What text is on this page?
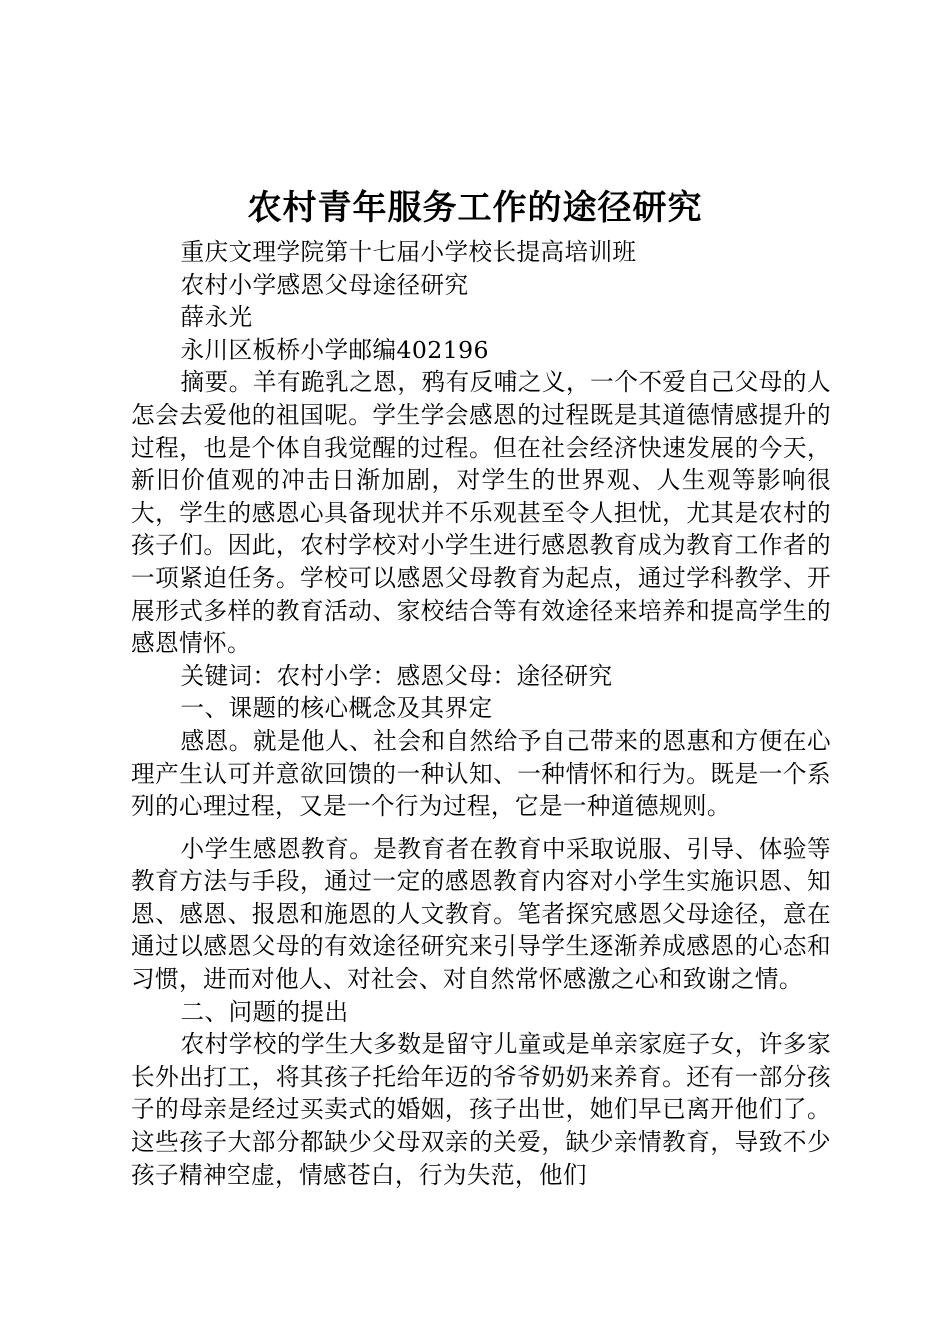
农村青年服务工作的途径研究

重庆文理学院第十七届小学校长提高培训班

农村小学感恩父母途径研究

薛永光

永川区板桥小学邮编402196

摘要。羊有跪乳之恩，鸦有反哺之义，一个不爱自己父母的人怎会去爱他的祖国呢。学生学会感恩的过程既是其道德情感提升的过程，也是个体自我觉醒的过程。但在社会经济快速发展的今天，新旧价值观的冲击日渐加剧，对学生的世界观、人生观等影响很大，学生的感恩心具备现状并不乐观甚至令人担忧，尤其是农村的孩子们。因此，农村学校对小学生进行感恩教育成为教育工作者的一项紧迫任务。学校可以感恩父母教育为起点，通过学科教学、开展形式多样的教育活动、家校结合等有效途径来培养和提高学生的感恩情怀。

关键词：农村小学：感恩父母：途径研究

一、课题的核心概念及其界定

感恩。就是他人、社会和自然给予自己带来的恩惠和方便在心理产生认可并意欲回馈的一种认知、一种情怀和行为。既是一个系列的心理过程，又是一个行为过程，它是一种道德规则。

小学生感恩教育。是教育者在教育中采取说服、引导、体验等教育方法与手段，通过一定的感恩教育内容对小学生实施识恩、知恩、感恩、报恩和施恩的人文教育。笔者探究感恩父母途径，意在通过以感恩父母的有效途径研究来引导学生逐渐养成感恩的心态和习惯，进而对他人、对社会、对自然常怀感激之心和致谢之情。

二、问题的提出

农村学校的学生大多数是留守儿童或是单亲家庭子女，许多家长外出打工，将其孩子托给年迈的爷爷奶奶来养育。还有一部分孩子的母亲是经过买卖式的婚姻，孩子出世，她们早已离开他们了。这些孩子大部分都缺少父母双亲的关爱，缺少亲情教育，导致不少孩子精神空虚，情感苍白，行为失范，他们
